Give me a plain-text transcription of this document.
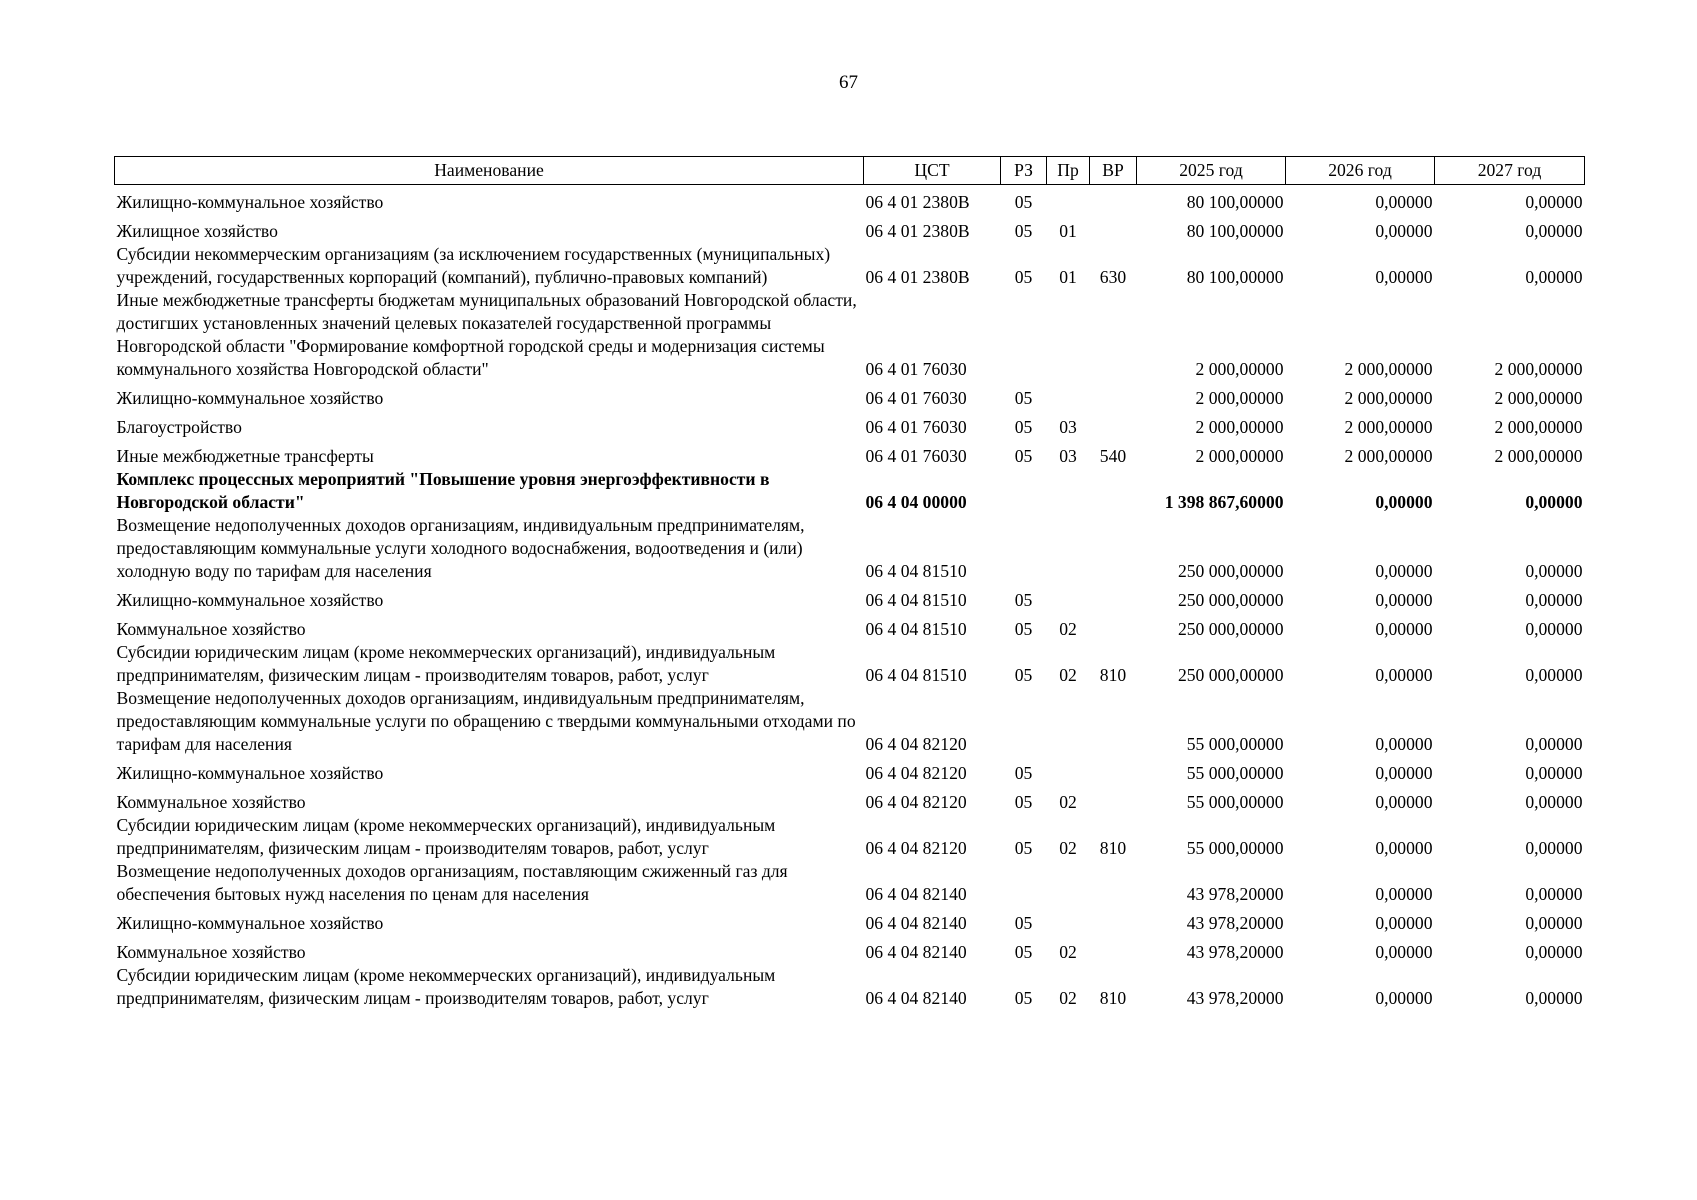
67
Наименование	ЦСТ	РЗ	Пр	ВР	2025 год	2026 год	2027 год
Жилищно-коммунальное хозяйство	06 4 01 2380В	05			80 100,00000	0,00000	0,00000
Жилищное хозяйство	06 4 01 2380В	05	01		80 100,00000	0,00000	0,00000
Субсидии некоммерческим организациям (за исключением государственных (муниципальных) учреждений, государственных корпораций (компаний), публично-правовых компаний)	06 4 01 2380В	05	01	630	80 100,00000	0,00000	0,00000
Иные межбюджетные трансферты бюджетам муниципальных образований Новгородской области, достигших установленных значений целевых показателей государственной программы Новгородской области "Формирование комфортной городской среды и модернизация системы коммунального хозяйства Новгородской области"	06 4 01 76030				2 000,00000	2 000,00000	2 000,00000
Жилищно-коммунальное хозяйство	06 4 01 76030	05			2 000,00000	2 000,00000	2 000,00000
Благоустройство	06 4 01 76030	05	03		2 000,00000	2 000,00000	2 000,00000
Иные межбюджетные трансферты	06 4 01 76030	05	03	540	2 000,00000	2 000,00000	2 000,00000
Комплекс процессных мероприятий "Повышение уровня энергоэффективности в Новгородской области"	06 4 04 00000				1 398 867,60000	0,00000	0,00000
Возмещение недополученных доходов организациям, индивидуальным предпринимателям, предоставляющим коммунальные услуги холодного водоснабжения, водоотведения и (или) холодную воду по тарифам для населения	06 4 04 81510				250 000,00000	0,00000	0,00000
Жилищно-коммунальное хозяйство	06 4 04 81510	05			250 000,00000	0,00000	0,00000
Коммунальное хозяйство	06 4 04 81510	05	02		250 000,00000	0,00000	0,00000
Субсидии юридическим лицам (кроме некоммерческих организаций), индивидуальным предпринимателям, физическим лицам - производителям товаров, работ, услуг	06 4 04 81510	05	02	810	250 000,00000	0,00000	0,00000
Возмещение недополученных доходов организациям, индивидуальным предпринимателям, предоставляющим коммунальные услуги по обращению с твердыми коммунальными отходами по тарифам для населения	06 4 04 82120				55 000,00000	0,00000	0,00000
Жилищно-коммунальное хозяйство	06 4 04 82120	05			55 000,00000	0,00000	0,00000
Коммунальное хозяйство	06 4 04 82120	05	02		55 000,00000	0,00000	0,00000
Субсидии юридическим лицам (кроме некоммерческих организаций), индивидуальным предпринимателям, физическим лицам - производителям товаров, работ, услуг	06 4 04 82120	05	02	810	55 000,00000	0,00000	0,00000
Возмещение недополученных доходов организациям, поставляющим сжиженный газ для обеспечения бытовых нужд населения по ценам для населения	06 4 04 82140				43 978,20000	0,00000	0,00000
Жилищно-коммунальное хозяйство	06 4 04 82140	05			43 978,20000	0,00000	0,00000
Коммунальное хозяйство	06 4 04 82140	05	02		43 978,20000	0,00000	0,00000
Субсидии юридическим лицам (кроме некоммерческих организаций), индивидуальным предпринимателям, физическим лицам - производителям товаров, работ, услуг	06 4 04 82140	05	02	810	43 978,20000	0,00000	0,00000
